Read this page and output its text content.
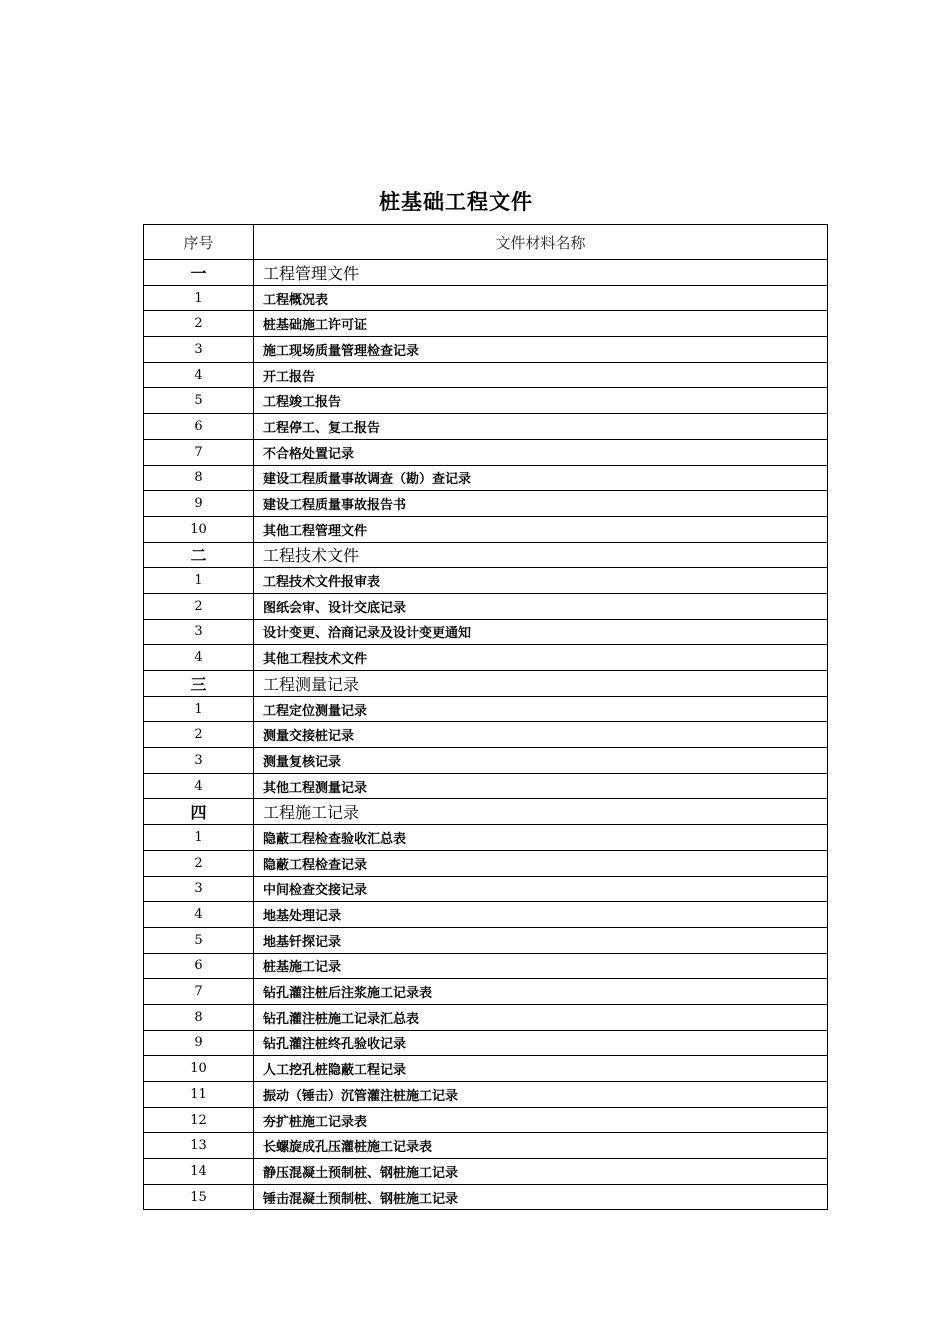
桩基础工程文件
序号	文件材料名称
一	工程管理文件
1	工程概况表
2	桩基础施工许可证
3	施工现场质量管理检查记录
4	开工报告
5	工程竣工报告
6	工程停工、复工报告
7	不合格处置记录
8	建设工程质量事故调查（勘）查记录
9	建设工程质量事故报告书
10	其他工程管理文件
二	工程技术文件
1	工程技术文件报审表
2	图纸会审、设计交底记录
3	设计变更、洽商记录及设计变更通知
4	其他工程技术文件
三	工程测量记录
1	工程定位测量记录
2	测量交接桩记录
3	测量复核记录
4	其他工程测量记录
四	工程施工记录
1	隐蔽工程检查验收汇总表
2	隐蔽工程检查记录
3	中间检查交接记录
4	地基处理记录
5	地基钎探记录
6	桩基施工记录
7	钻孔灌注桩后注浆施工记录表
8	钻孔灌注桩施工记录汇总表
9	钻孔灌注桩终孔验收记录
10	人工挖孔桩隐蔽工程记录
11	振动（锤击）沉管灌注桩施工记录
12	夯扩桩施工记录表
13	长螺旋成孔压灌桩施工记录表
14	静压混凝土预制桩、钢桩施工记录
15	锤击混凝土预制桩、钢桩施工记录
